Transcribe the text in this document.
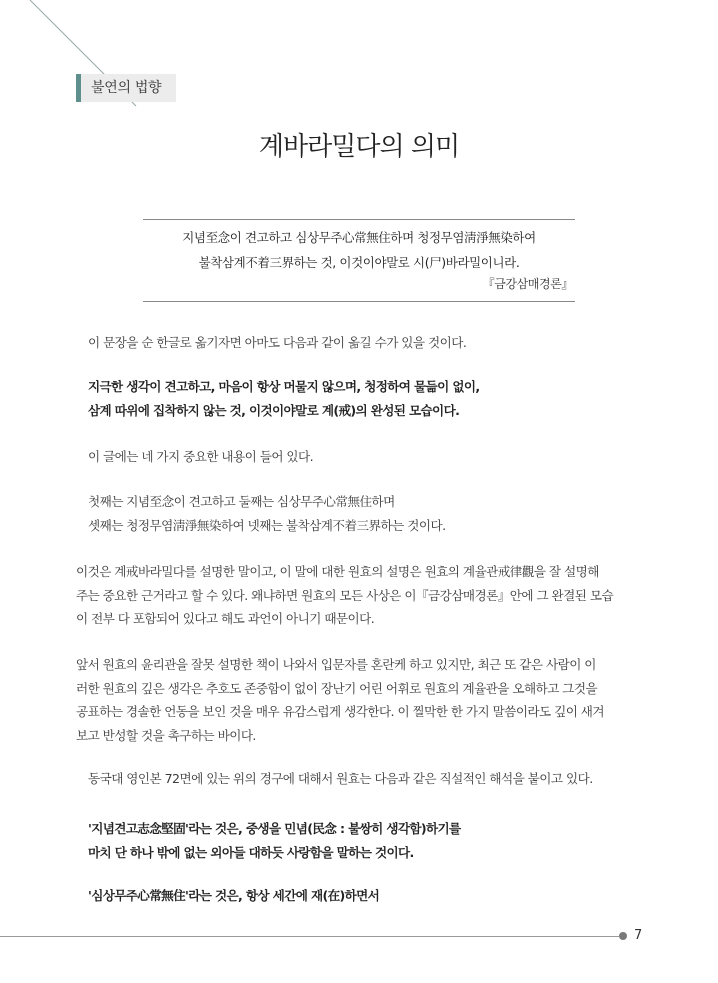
불연의 법향
계바라밀다의 의미
지념至念이 견고하고 심상무주心常無住하며 청정무염淸淨無染하여
불착삼계不着三界하는 것, 이것이야말로 시(尸)바라밀이니라.
『금강삼매경론』

이 문장을 순 한글로 옮기자면 아마도 다음과 같이 옮길 수가 있을 것이다.

지극한 생각이 견고하고, 마음이 항상 머물지 않으며, 청정하여 물듦이 없이,
삼계 따위에 집착하지 않는 것, 이것이야말로 계(戒)의 완성된 모습이다.

이 글에는 네 가지 중요한 내용이 들어 있다.

첫째는 지념至念이 견고하고 둘째는 심상무주心常無住하며
셋째는 청정무염淸淨無染하여 넷째는 불착삼계不着三界하는 것이다.

이것은 계戒바라밀다를 설명한 말이고, 이 말에 대한 원효의 설명은 원효의 계율관戒律觀을 잘 설명해
주는 중요한 근거라고 할 수 있다. 왜냐하면 원효의 모든 사상은 이『금강삼매경론』안에 그 완결된 모습
이 전부 다 포함되어 있다고 해도 과언이 아니기 때문이다.

앞서 원효의 윤리관을 잘못 설명한 책이 나와서 입문자를 혼란케 하고 있지만, 최근 또 같은 사람이 이
러한 원효의 깊은 생각은 추호도 존중함이 없이 장난기 어린 어휘로 원효의 계율관을 오해하고 그것을
공표하는 경솔한 언동을 보인 것을 매우 유감스럽게 생각한다. 이 찔막한 한 가지 말씀이라도 깊이 새겨
보고 반성할 것을 촉구하는 바이다.

동국대 영인본 72면에 있는 위의 경구에 대해서 원효는 다음과 같은 직설적인 해석을 붙이고 있다.

'지념견고志念堅固'라는 것은, 중생을 민념(民念 : 불쌍히 생각함)하기를
마치 단 하나 밖에 없는 외아들 대하듯 사랑함을 말하는 것이다.

'심상무주心常無住'라는 것은, 항상 세간에 재(在)하면서

7
